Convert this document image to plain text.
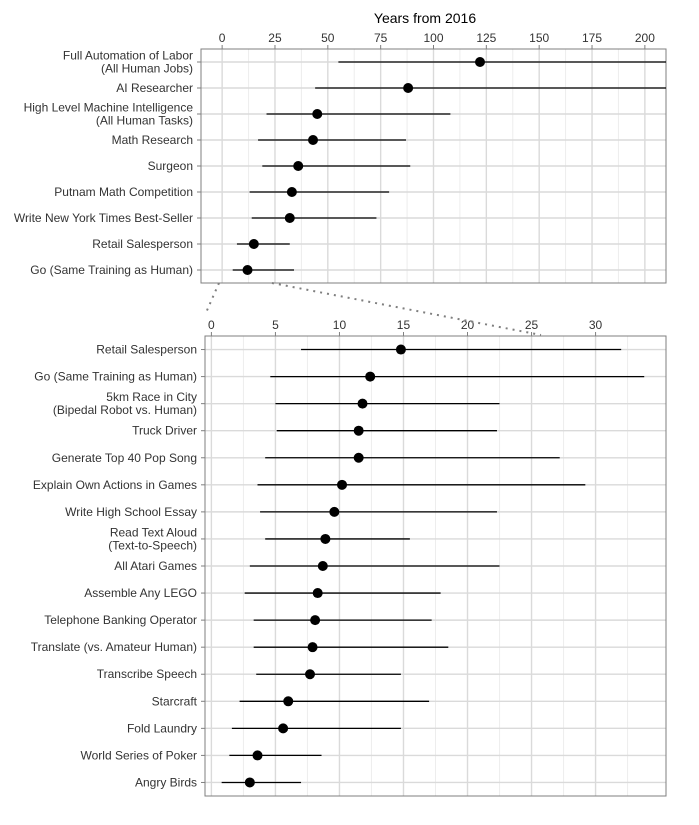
Years from 2016
0	25	50	75	100	125	150	175	200
Full Automation of Labor
(All Human Jobs)
AI Researcher
High Level Machine Intelligence
(All Human Tasks)
Math Research
Surgeon
Putnam Math Competition
Write New York Times Best-Seller
Retail Salesperson
Go (Same Training as Human)
0	5	10	15	20	25	30
Retail Salesperson
Go (Same Training as Human)
5km Race in City
(Bipedal Robot vs. Human)
Truck Driver
Generate Top 40 Pop Song
Explain Own Actions in Games
Write High School Essay
Read Text Aloud
(Text-to-Speech)
All Atari Games
Assemble Any LEGO
Telephone Banking Operator
Translate (vs. Amateur Human)
Transcribe Speech
Starcraft
Fold Laundry
World Series of Poker
Angry Birds
